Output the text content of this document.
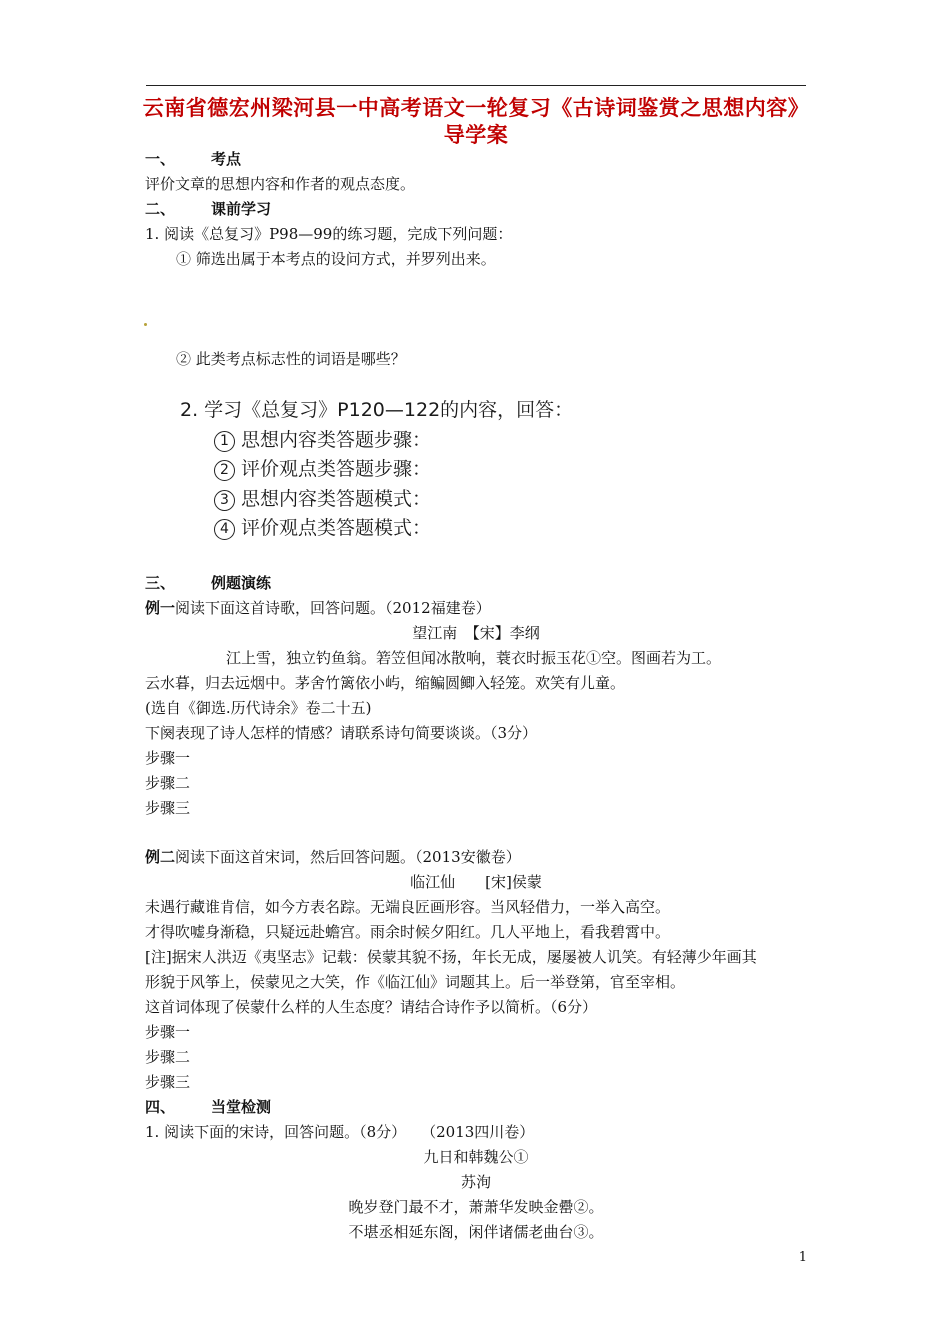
云南省德宏州梁河县一中高考语文一轮复习《古诗词鉴赏之思想内容》导学案
一、 考点
评价文章的思想内容和作者的观点态度。
二、 课前学习
1. 阅读《总复习》P98—99的练习题，完成下列问题：
① 筛选出属于本考点的设问方式，并罗列出来。
② 此类考点标志性的词语是哪些？
2. 学习《总复习》P120—122的内容，回答：
1 思想内容类答题步骤：
2 评价观点类答题步骤：
3 思想内容类答题模式：
4 评价观点类答题模式：
三、 例题演练
例一阅读下面这首诗歌，回答问题。（2012福建卷）
望江南　【宋】李纲
江上雪，独立钓鱼翁。箬笠但闻冰散响，蓑衣时振玉花①空。图画若为工。
云水暮，归去远烟中。茅舍竹篱依小屿，缩鳊圆鲫入轻笼。欢笑有儿童。
(选自《御选.历代诗余》卷二十五)
下阕表现了诗人怎样的情感？请联系诗句简要谈谈。（3分）
步骤一
步骤二
步骤三
例二阅读下面这首宋词，然后回答问题。（2013安徽卷）
临江仙　　[宋]侯蒙
未遇行藏谁肯信，如今方表名踪。无端良匠画形容。当风轻借力，一举入高空。
才得吹嘘身渐稳，只疑远赴蟾宫。雨余时候夕阳红。几人平地上，看我碧霄中。
[注]据宋人洪迈《夷坚志》记载：侯蒙其貌不扬，年长无成，屡屡被人讥笑。有轻薄少年画其
形貌于风筝上，侯蒙见之大笑，作《临江仙》词题其上。后一举登第，官至宰相。
这首词体现了侯蒙什么样的人生态度？请结合诗作予以简析。（6分）
步骤一
步骤二
步骤三
四、 当堂检测
1. 阅读下面的宋诗，回答问题。（8分）　　（2013四川卷）
九日和韩魏公①
苏洵
晚岁登门最不才，萧萧华发映金罍②。
不堪丞相延东阁，闲伴诸儒老曲台③。
1
